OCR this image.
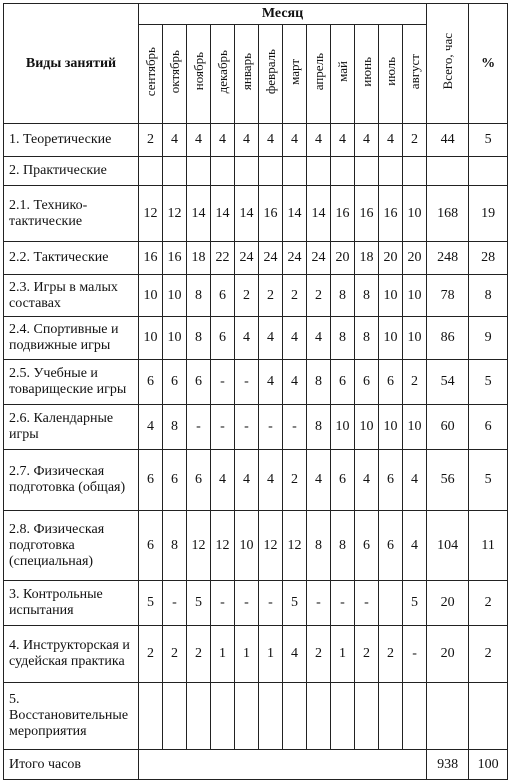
Виды занятий	Месяц												Всего, час	%
	сентябрь	октябрь	ноябрь	декабрь	январь	февраль	март	апрель	май	июнь	июль	август		
1. Теоретические	2	4	4	4	4	4	4	4	4	4	4	2	44	5
2. Практические														
2.1. Технико-тактические	12	12	14	14	14	16	14	14	16	16	16	10	168	19
2.2. Тактические	16	16	18	22	24	24	24	24	20	18	20	20	248	28
2.3. Игры в малых составах	10	10	8	6	2	2	2	2	8	8	10	10	78	8
2.4. Спортивные и подвижные игры	10	10	8	6	4	4	4	4	8	8	10	10	86	9
2.5. Учебные и товарищеские игры	6	6	6	-	-	4	4	8	6	6	6	2	54	5
2.6. Календарные игры	4	8	-	-	-	-	-	8	10	10	10	10	60	6
2.7. Физическая подготовка (общая)	6	6	6	4	4	4	2	4	6	4	6	4	56	5
2.8. Физическая подготовка (специальная)	6	8	12	12	10	12	12	8	8	6	6	4	104	11
3. Контрольные испытания	5	-	5	-	-	-	5	-	-	-		5	20	2
4. Инструкторская и судейская практика	2	2	2	1	1	1	4	2	1	2	2	-	20	2
5. Восстановительные мероприятия														
Итого часов													938	100
